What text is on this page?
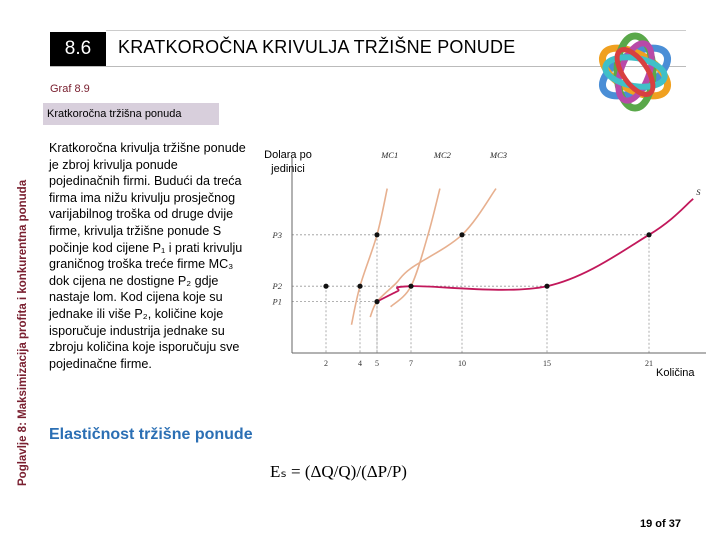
8.6 KRATKOROČNA KRIVULJA TRŽIŠNE PONUDE
Graf 8.9
Kratkoročna tržišna ponuda
Poglavlje 8: Maksimizacija profita i konkurentna ponuda
Kratkoročna krivulja tržišne ponude je zbroj krivulja ponude pojedinačnih firmi. Budući da treća firma ima nižu krivulju prosječnog varijabilnog troška od druge dvije firme, krivulja tržišne ponude S počinje kod cijene P₁ i prati krivulju graničnog troška treće firme MC₃ dok cijena ne dostigne P₂ gdje nastaje lom. Kod cijena koje su jednake ili više P₂, količine koje isporučuje industrija jednake su zbroju količina koje isporučuju sve pojedinačne firme.
MC1	MC2	MC3
S
2	4 5	7	10	15	21
P1
P2
P3
Dolara po
jedinici
Količina
Elastičnost tržišne ponude
Eₛ = (ΔQ/Q)/(ΔP/P)
19 of 37
